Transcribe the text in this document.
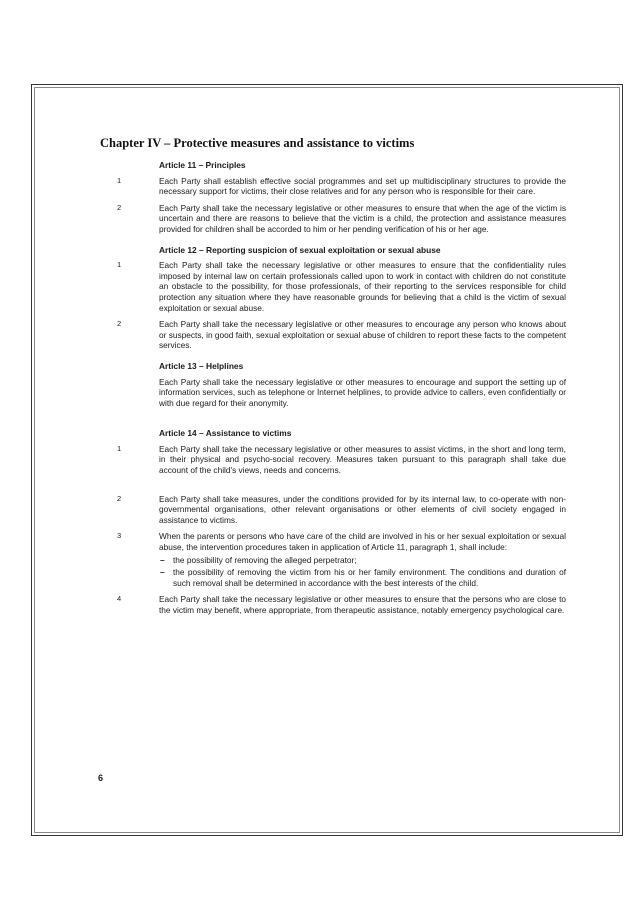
Chapter IV – Protective measures and assistance to victims
Article 11 – Principles
1	Each Party shall establish effective social programmes and set up multidisciplinary structures to provide the necessary support for victims, their close relatives and for any person who is responsible for their care.
2	Each Party shall take the necessary legislative or other measures to ensure that when the age of the victim is uncertain and there are reasons to believe that the victim is a child, the protection and assistance measures provided for children shall be accorded to him or her pending verification of his or her age.
Article 12 – Reporting suspicion of sexual exploitation or sexual abuse
1	Each Party shall take the necessary legislative or other measures to ensure that the confidentiality rules imposed by internal law on certain professionals called upon to work in contact with children do not constitute an obstacle to the possibility, for those professionals, of their reporting to the services responsible for child protection any situation where they have reasonable grounds for believing that a child is the victim of sexual exploitation or sexual abuse.
2	Each Party shall take the necessary legislative or other measures to encourage any person who knows about or suspects, in good faith, sexual exploitation or sexual abuse of children to report these facts to the competent services.
Article 13 – Helplines
Each Party shall take the necessary legislative or other measures to encourage and support the setting up of information services, such as telephone or Internet helplines, to provide advice to callers, even confidentially or with due regard for their anonymity.
Article 14 – Assistance to victims
1	Each Party shall take the necessary legislative or other measures to assist victims, in the short and long term, in their physical and psycho-social recovery. Measures taken pursuant to this paragraph shall take due account of the child's views, needs and concerns.
2	Each Party shall take measures, under the conditions provided for by its internal law, to co-operate with non-governmental organisations, other relevant organisations or other elements of civil society engaged in assistance to victims.
3	When the parents or persons who have care of the child are involved in his or her sexual exploitation or sexual abuse, the intervention procedures taken in application of Article 11, paragraph 1, shall include:
– the possibility of removing the alleged perpetrator;
– the possibility of removing the victim from his or her family environment. The conditions and duration of such removal shall be determined in accordance with the best interests of the child.
4	Each Party shall take the necessary legislative or other measures to ensure that the persons who are close to the victim may benefit, where appropriate, from therapeutic assistance, notably emergency psychological care.
6
